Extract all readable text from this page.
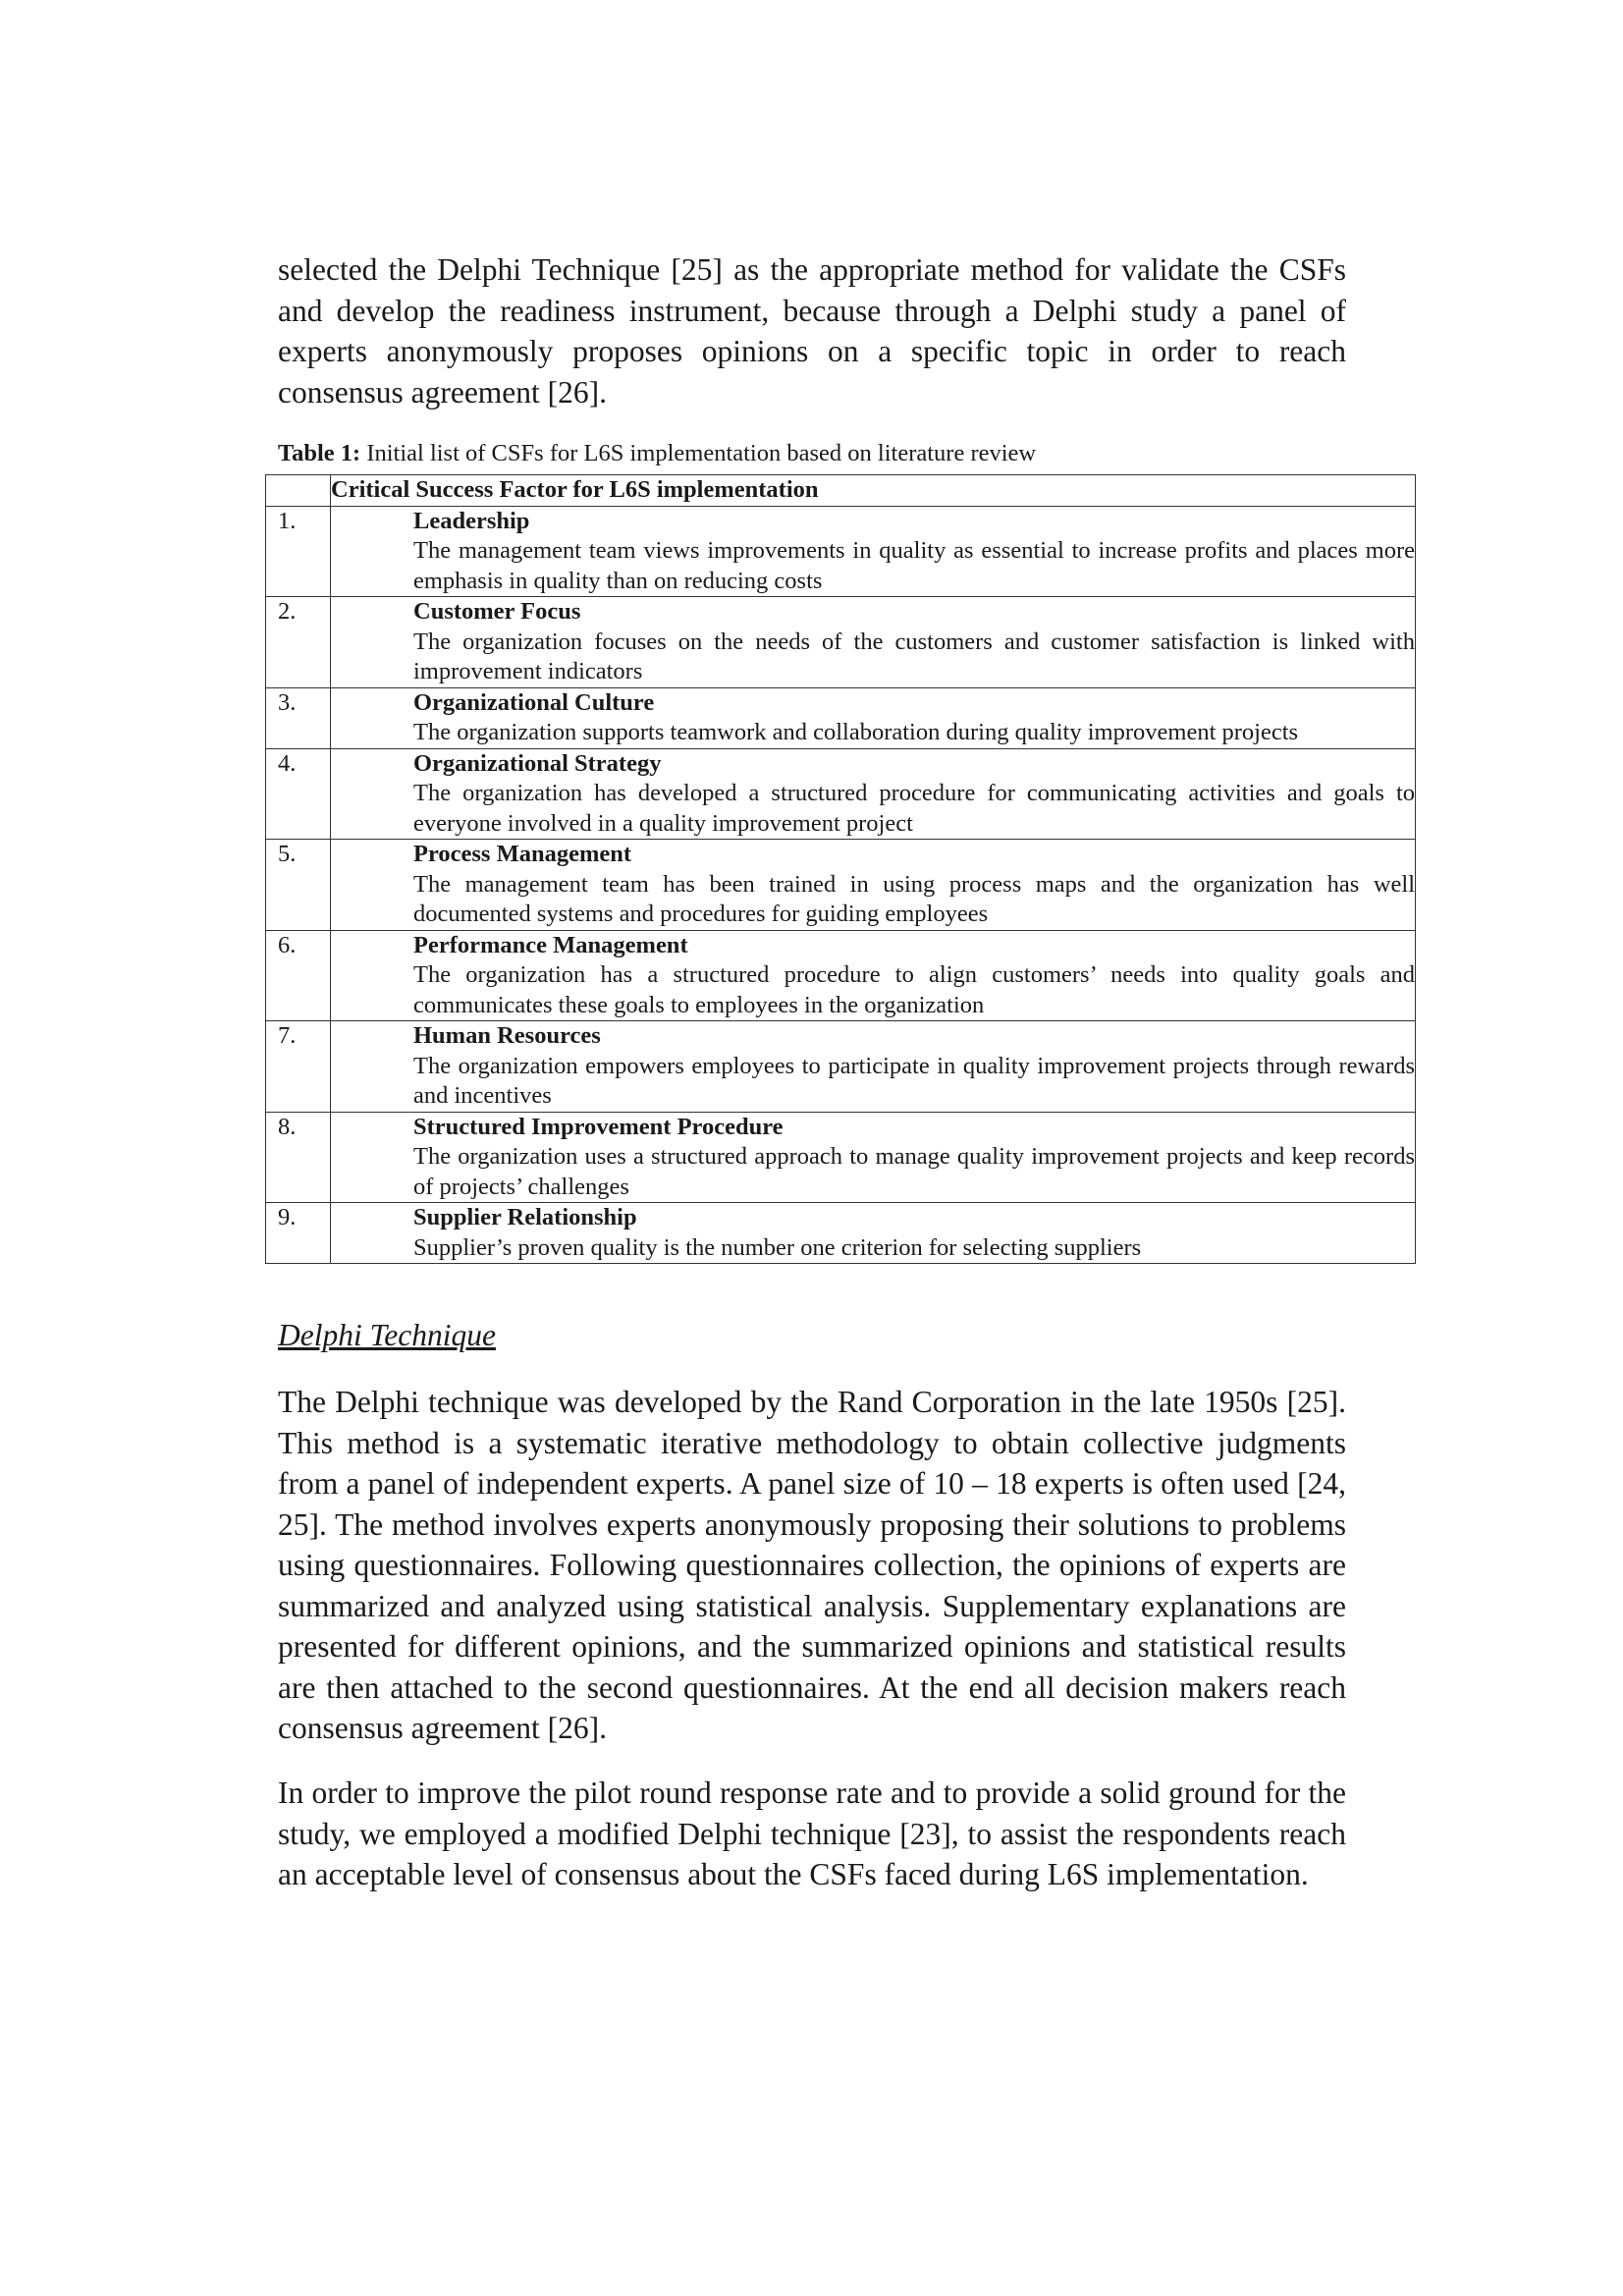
selected the Delphi Technique [25] as the appropriate method for validate the CSFs and develop the readiness instrument, because through a Delphi study a panel of experts anonymously proposes opinions on a specific topic in order to reach consensus agreement [26].

Table 1: Initial list of CSFs for L6S implementation based on literature review

	Critical Success Factor for L6S implementation
1.	Leadership
The management team views improvements in quality as essential to increase profits and places more emphasis in quality than on reducing costs

2.	Customer Focus
The organization focuses on the needs of the customers and customer satisfaction is linked with improvement indicators

3.	Organizational Culture
The organization supports teamwork and collaboration during quality improvement projects

4.	Organizational Strategy
The organization has developed a structured procedure for communicating activities and goals to everyone involved in a quality improvement project

5.	Process Management
The management team has been trained in using process maps and the organization has well documented systems and procedures for guiding employees

6.	Performance Management
The organization has a structured procedure to align customers’ needs into quality goals and communicates these goals to employees in the organization

7.	Human Resources
The organization empowers employees to participate in quality improvement projects through rewards and incentives

8.	Structured Improvement Procedure
The organization uses a structured approach to manage quality improvement projects and keep records of projects’ challenges

9.	Supplier Relationship
Supplier’s proven quality is the number one criterion for selecting suppliers
Delphi Technique

The Delphi technique was developed by the Rand Corporation in the late 1950s [25]. This method is a systematic iterative methodology to obtain collective judgments from a panel of independent experts. A panel size of 10 – 18 experts is often used [24, 25]. The method involves experts anonymously proposing their solutions to problems using questionnaires. Following questionnaires collection, the opinions of experts are summarized and analyzed using statistical analysis. Supplementary explanations are presented for different opinions, and the summarized opinions and statistical results are then attached to the second questionnaires. At the end all decision makers reach consensus agreement [26].

In order to improve the pilot round response rate and to provide a solid ground for the study, we employed a modified Delphi technique [23], to assist the respondents reach an acceptable level of consensus about the CSFs faced during L6S implementation.
